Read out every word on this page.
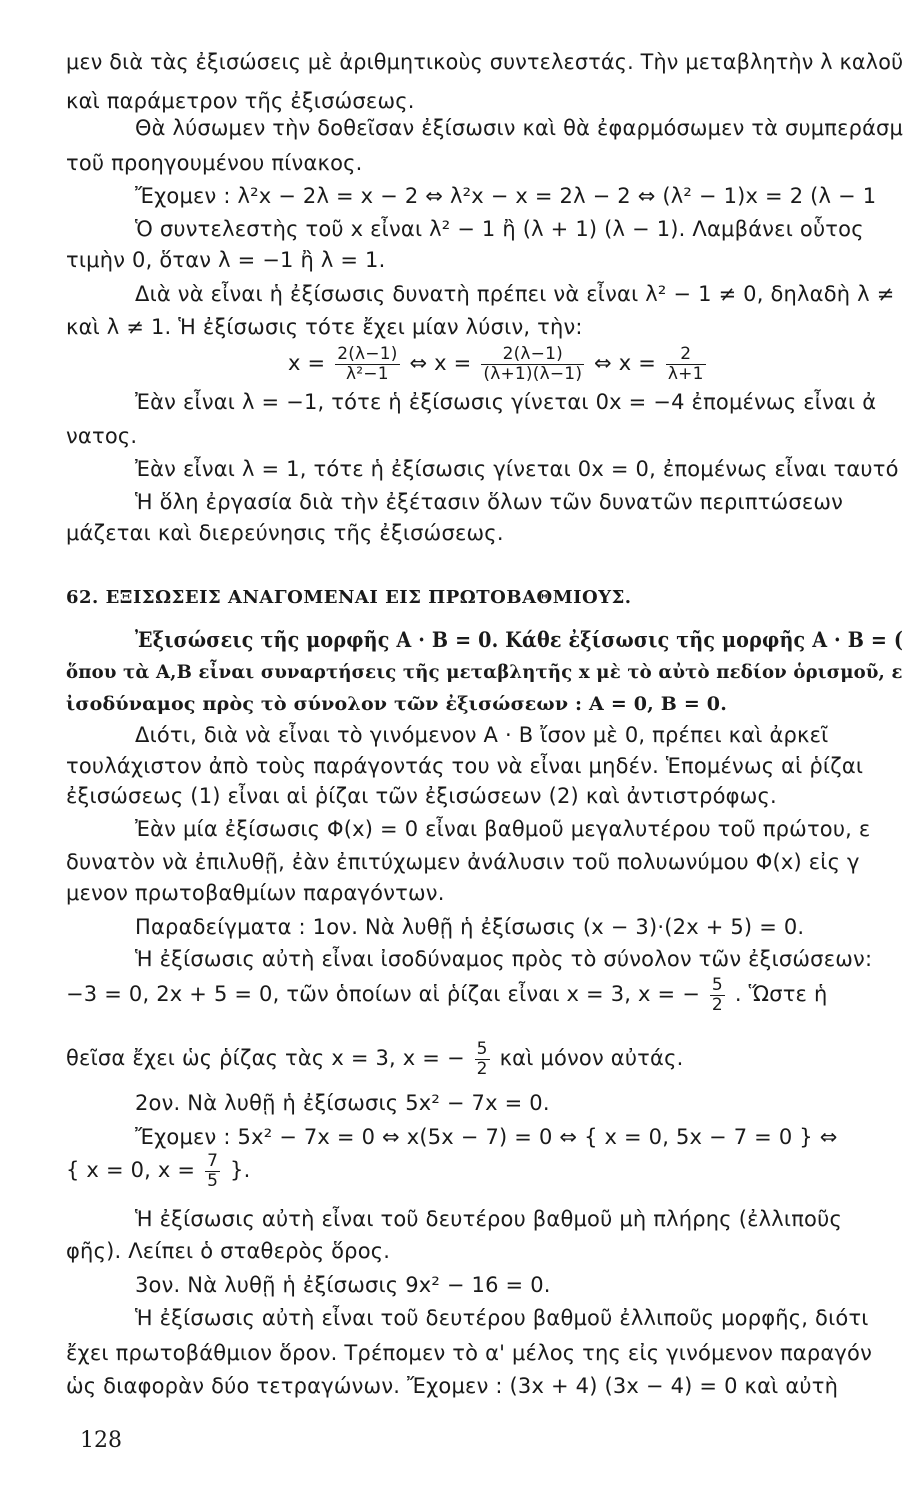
μεν διὰ τὰς ἐξισώσεις μὲ ἀριθμητικοὺς συντελεστάς. Τὴν μεταβλητὴν λ καλοῦ
καὶ παράμετρον τῆς ἐξισώσεως.
Θὰ λύσωμεν τὴν δοθεῖσαν ἐξίσωσιν καὶ θὰ ἐφαρμόσωμεν τὰ συμπεράσμ
τοῦ προηγουμένου πίνακος.
Ἔχομεν : λ²x − 2λ = x − 2 ⇔ λ²x − x = 2λ − 2 ⇔ (λ² − 1)x = 2 (λ − 1
Ὁ συντελεστὴς τοῦ x εἶναι λ² − 1 ἢ (λ + 1) (λ − 1). Λαμβάνει οὗτος
τιμὴν 0, ὅταν λ = −1 ἢ λ = 1.
Διὰ νὰ εἶναι ἡ ἐξίσωσις δυνατὴ πρέπει νὰ εἶναι λ² − 1 ≠ 0, δηλαδὴ λ ≠
καὶ λ ≠ 1. Ἡ ἐξίσωσις τότε ἔχει μίαν λύσιν, τὴν:
$x = \frac{2(\lambda-1)}{\text{λ²−1}}$ ⇔ $x = \frac{2(\lambda-1)}{(\lambda+1)(\lambda-1)}$ ⇔ $x = \frac{2}{\lambda+1}$
Ἐὰν εἶναι λ = −1, τότε ἡ ἐξίσωσις γίνεται 0x = −4 ἐπομένως εἶναι ἀ
νατος.
Ἐὰν εἶναι λ = 1, τότε ἡ ἐξίσωσις γίνεται 0x = 0, ἐπομένως εἶναι ταυτό
Ἡ ὅλη ἐργασία διὰ τὴν ἐξέτασιν ὅλων τῶν δυνατῶν περιπτώσεων
μάζεται καὶ διερεύνησις τῆς ἐξισώσεως.
62. ΕΞΙΣΩΣΕΙΣ ΑΝΑΓΟΜΕΝΑΙ ΕΙΣ ΠΡΩΤΟΒΑΘΜΙΟΥΣ.
Ἐξισώσεις τῆς μορφῆς A · B = 0. Κάθε ἐξίσωσις τῆς μορφῆς A · B = (
ὅπου τὰ A,B εἶναι συναρτήσεις τῆς μεταβλητῆς x μὲ τὸ αὐτὸ πεδίον ὁρισμοῦ, ε
ἰσοδύναμος πρὸς τὸ σύνολον τῶν ἐξισώσεων : A = 0, B = 0.
Διότι, διὰ νὰ εἶναι τὸ γινόμενον A · B ἴσον μὲ 0, πρέπει καὶ ἀρκεῖ
τουλάχιστον ἀπὸ τοὺς παράγοντάς του νὰ εἶναι μηδέν. Ἑπομένως αἱ ῥίζαι
ἐξισώσεως (1) εἶναι αἱ ῥίζαι τῶν ἐξισώσεων (2) καὶ ἀντιστρόφως.
Ἐὰν μία ἐξίσωσις Φ(x) = 0 εἶναι βαθμοῦ μεγαλυτέρου τοῦ πρώτου, ε
δυνατὸν νὰ ἐπιλυθῇ, ἐὰν ἐπιτύχωμεν ἀνάλυσιν τοῦ πολυωνύμου Φ(x) εἰς γ
μενον πρωτοβαθμίων παραγόντων.
Παραδείγματα : 1ον. Νὰ λυθῇ ἡ ἐξίσωσις (x − 3)·(2x + 5) = 0.
Ἡ ἐξίσωσις αὐτὴ εἶναι ἰσοδύναμος πρὸς τὸ σύνολον τῶν ἐξισώσεων:
−3 = 0, 2x + 5 = 0, τῶν ὁποίων αἱ ῥίζαι εἶναι x = 3, x = − $\frac{5}{2}$ . Ὥστε ἡ
θεῖσα ἔχει ὡς ῥίζας τὰς x = 3, x = − $\frac{5}{2}$ καὶ μόνον αὐτάς.
2ον. Νὰ λυθῇ ἡ ἐξίσωσις 5x² − 7x = 0.
Ἔχομεν : 5x² − 7x = 0 ⇔ x(5x − 7) = 0 ⇔ { x = 0, 5x − 7 = 0 } ⇔
{ x = 0, $x = \frac{7}{5}$ }.
Ἡ ἐξίσωσις αὐτὴ εἶναι τοῦ δευτέρου βαθμοῦ μὴ πλήρης (ἐλλιποῦς
φῆς). Λείπει ὁ σταθερὸς ὅρος.
3ον. Νὰ λυθῇ ἡ ἐξίσωσις 9x² − 16 = 0.
Ἡ ἐξίσωσις αὐτὴ εἶναι τοῦ δευτέρου βαθμοῦ ἐλλιποῦς μορφῆς, διότι
ἔχει πρωτοβάθμιον ὅρον. Τρέπομεν τὸ α' μέλος της εἰς γινόμενον παραγόν
ὡς διαφορὰν δύο τετραγώνων. Ἔχομεν : (3x + 4) (3x − 4) = 0 καὶ αὐτὴ
128
